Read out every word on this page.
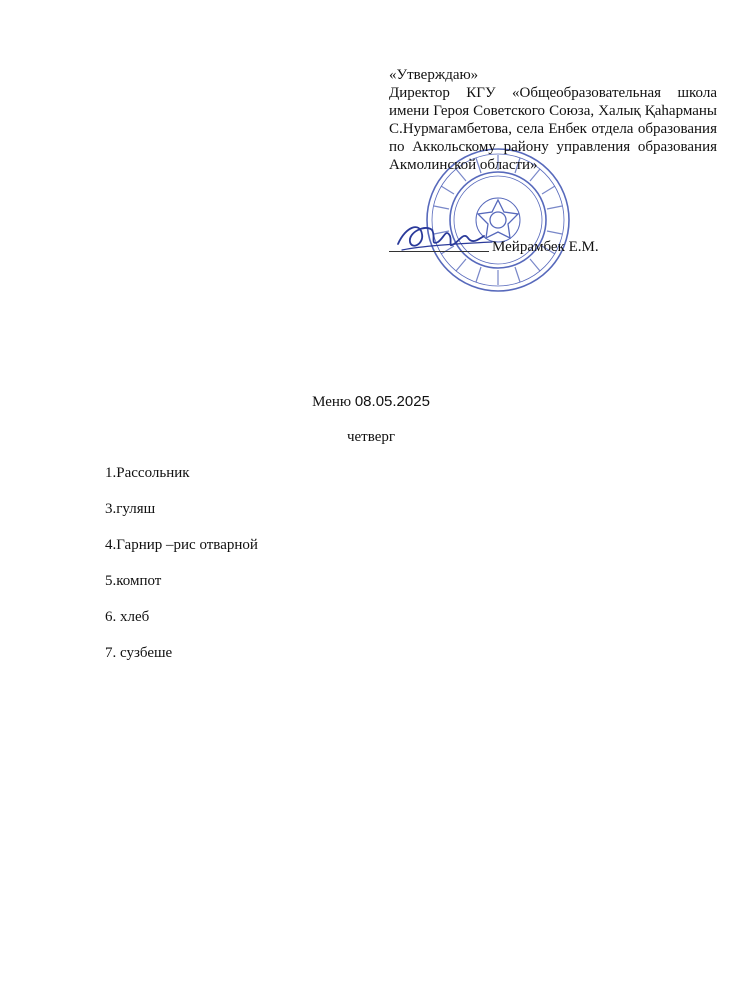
«Утверждаю»
Директор КГУ «Общеобразовательная школа имени Героя Советского Союза, Халық Қаһарманы С.Нурмагамбетова, села Енбек отдела образования по Аккольскому району управления образования Акмолинской области»
Мейрамбек Е.М.
Меню 08.05.2025
четверг
1.Рассольник
3.гуляш
4.Гарнир –рис отварной
5.компот
6. хлеб
7. сузбеше
